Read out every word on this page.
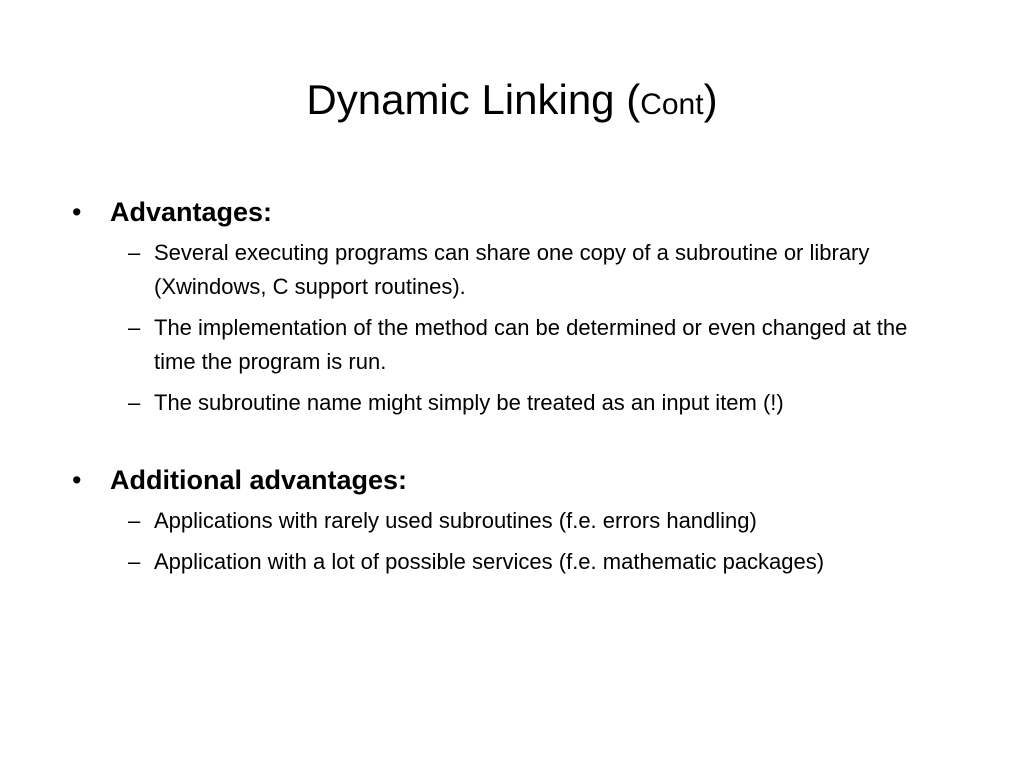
Dynamic Linking (Cont)
• Advantages:
– Several executing programs can share one copy of a subroutine or library (Xwindows, C support routines).
– The implementation of the method can be determined or even changed at the time the program is run.
– The subroutine name might simply be treated as an input item (!)
• Additional advantages:
– Applications with rarely used subroutines (f.e. errors handling)
– Application with a lot of possible services (f.e. mathematic packages)
